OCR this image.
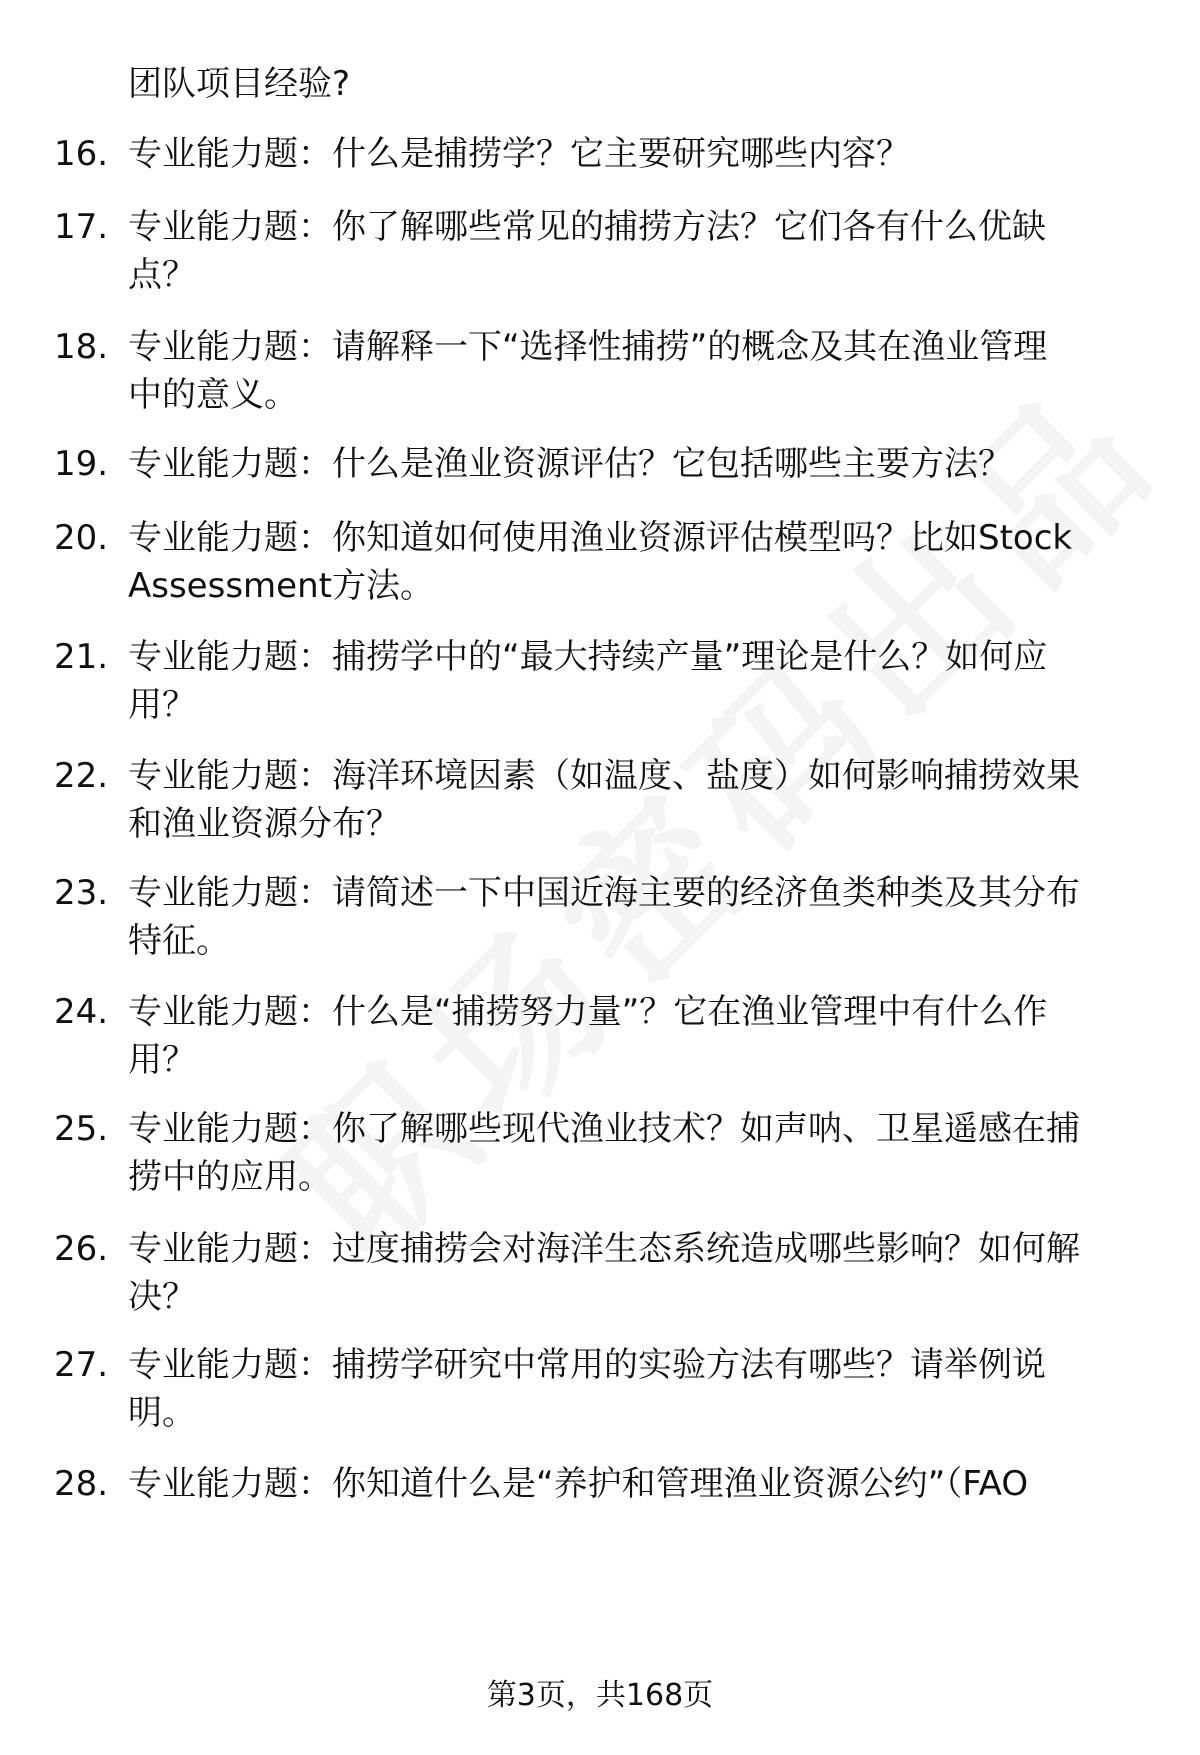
团队项目经验?
16. 专业能力题：什么是捕捞学？它主要研究哪些内容？
17. 专业能力题：你了解哪些常见的捕捞方法？它们各有什么优缺
点？
18. 专业能力题：请解释一下“选择性捕捞”的概念及其在渔业管理
中的意义。
19. 专业能力题：什么是渔业资源评估？它包括哪些主要方法？
20. 专业能力题：你知道如何使用渔业资源评估模型吗？比如Stock
Assessment方法。
21. 专业能力题：捕捞学中的“最大持续产量”理论是什么？如何应
用？
22. 专业能力题：海洋环境因素（如温度、盐度）如何影响捕捞效果
和渔业资源分布？
23. 专业能力题：请简述一下中国近海主要的经济鱼类种类及其分布
特征。
24. 专业能力题：什么是“捕捞努力量”？它在渔业管理中有什么作
用？
25. 专业能力题：你了解哪些现代渔业技术？如声呐、卫星遥感在捕
捞中的应用。
26. 专业能力题：过度捕捞会对海洋生态系统造成哪些影响？如何解
决？
27. 专业能力题：捕捞学研究中常用的实验方法有哪些？请举例说
明。
28. 专业能力题：你知道什么是“养护和管理渔业资源公约”（FAO
第3页，共168页
